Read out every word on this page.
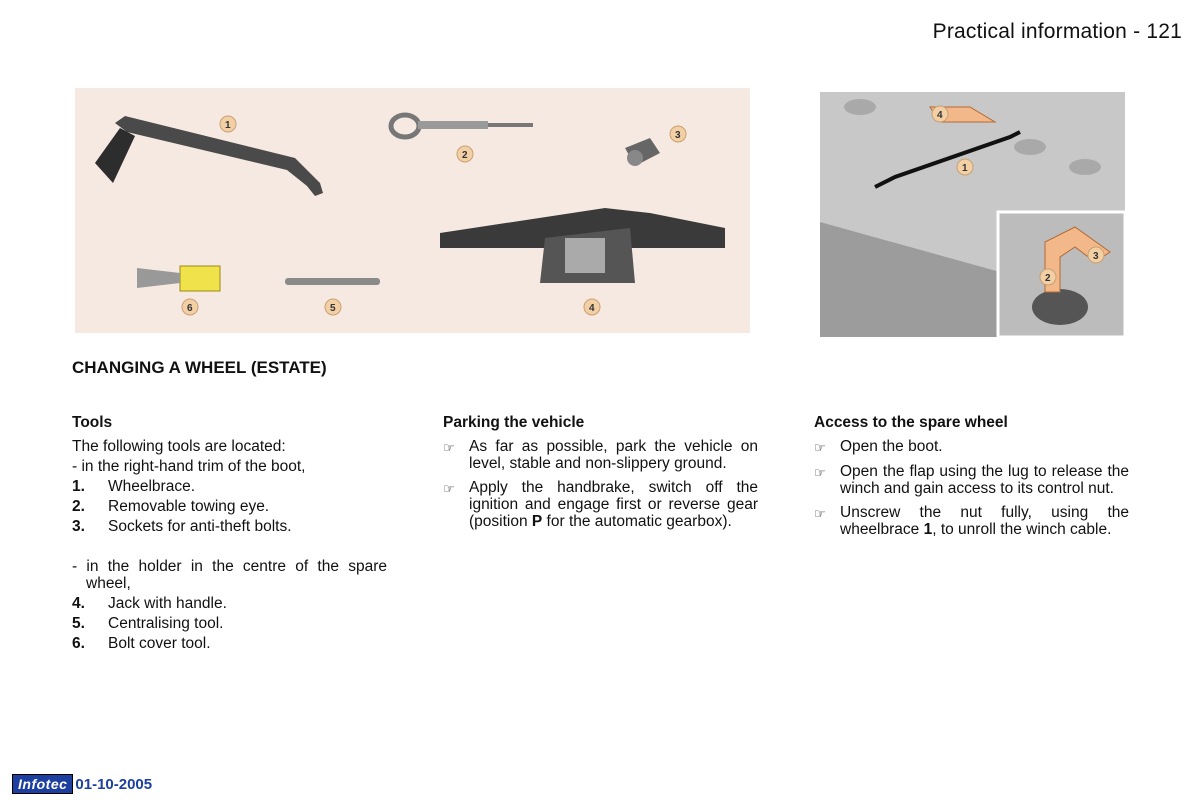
Practical information - 121
1
2
3
4
5
6
1
2
3
4
CHANGING A WHEEL (ESTATE)
Tools
The following tools are located:
- in the right-hand trim of the boot,
1.	Wheelbrace.
2.	Removable towing eye.
3.	Sockets for anti-theft bolts.
- in the holder in the centre of the spare wheel,
4.	Jack with handle.
5.	Centralising tool.
6.	Bolt cover tool.
Parking the vehicle
☞ As far as possible, park the vehicle on level, stable and non-slippery ground.
☞ Apply the handbrake, switch off the ignition and engage first or reverse gear (position P for the automatic gearbox).
Access to the spare wheel
☞ Open the boot.
☞ Open the flap using the lug to release the winch and gain access to its control nut.
☞ Unscrew the nut fully, using the wheelbrace 1, to unroll the winch cable.
Infotec 01-10-2005
